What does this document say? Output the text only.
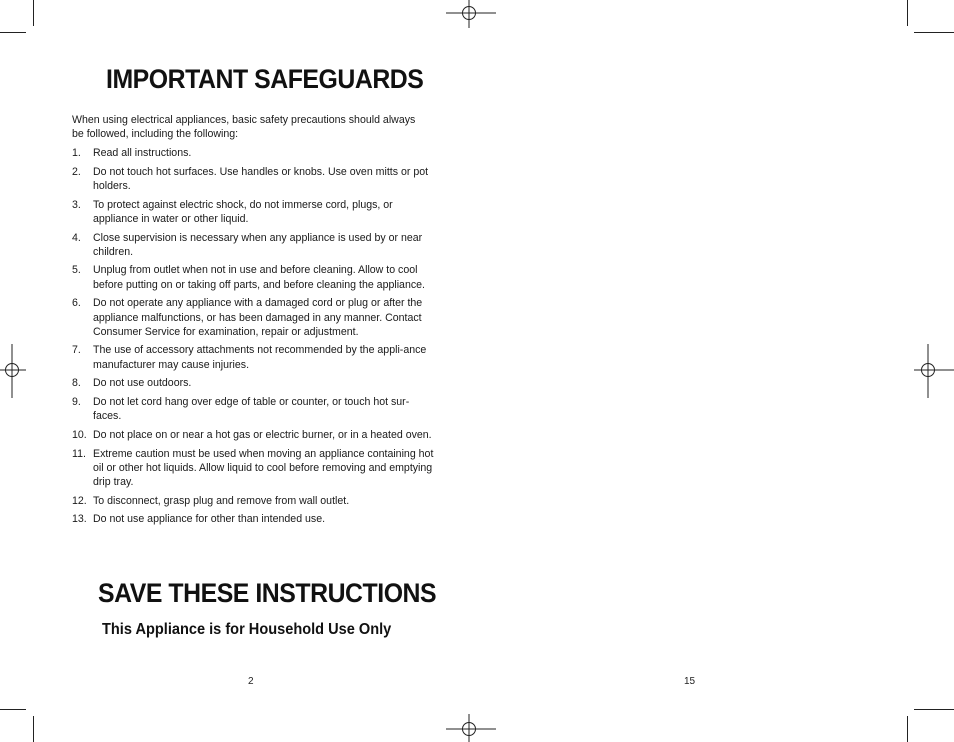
IMPORTANT SAFEGUARDS

When using electrical appliances, basic safety precautions should always be followed, including the following:

1. Read all instructions.
2. Do not touch hot surfaces. Use handles or knobs. Use oven mitts or pot holders.
3. To protect against electric shock, do not immerse cord, plugs, or appliance in water or other liquid.
4. Close supervision is necessary when any appliance is used by or near children.
5. Unplug from outlet when not in use and before cleaning. Allow to cool before putting on or taking off parts, and before cleaning the appliance.
6. Do not operate any appliance with a damaged cord or plug or after the appliance malfunctions, or has been damaged in any manner. Contact Consumer Service for examination, repair or adjustment.
7. The use of accessory attachments not recommended by the appli-ance manufacturer may cause injuries.
8. Do not use outdoors.
9. Do not let cord hang over edge of table or counter, or touch hot sur-faces.
10. Do not place on or near a hot gas or electric burner, or in a heated oven.
11. Extreme caution must be used when moving an appliance containing hot oil or other hot liquids. Allow liquid to cool before removing and emptying drip tray.
12. To disconnect, grasp plug and remove from wall outlet.
13. Do not use appliance for other than intended use.
SAVE THESE INSTRUCTIONS
This Appliance is for Household Use Only
2	15
